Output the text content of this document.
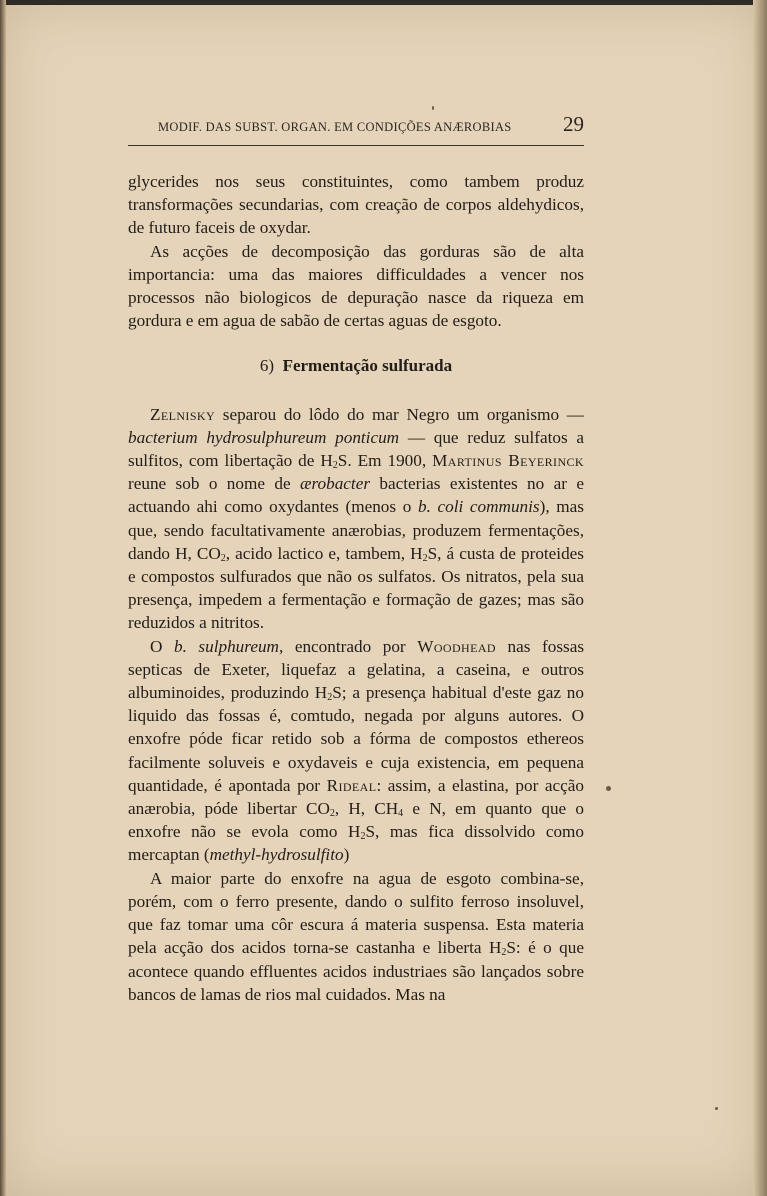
MODIF. DAS SUBST. ORGAN. EM CONDIÇÕES ANÆROBIAS 29

glycerides nos seus constituintes, como tambem produz transformações secundarias, com creação de corpos aldehydicos, de futuro faceis de oxydar.

As acções de decomposição das gorduras são de alta importancia: uma das maiores difficuldades a vencer nos processos não biologicos de depuração nasce da riqueza em gordura e em agua de sabão de certas aguas de esgoto.

6) Fermentação sulfurada

Zelnisky separou do lôdo do mar Negro um organismo — bacterium hydrosulphureum ponticum — que reduz sulfatos a sulfitos, com libertação de $H_2S$. Em 1900, Martinus Beyerinck reune sob o nome de ærobacter bacterias existentes no ar e actuando ahi como oxydantes (menos o b. coli communis), mas que, sendo facultativamente anærobias, produzem fermentações, dando H, $CO_2$, acido lactico e, tambem, $H_2S$, á custa de proteides e compostos sulfurados que não os sulfatos. Os nitratos, pela sua presença, impedem a fermentação e formação de gazes; mas são reduzidos a nitritos.

O b. sulphureum, encontrado por Woodhead nas fossas septicas de Exeter, liquefaz a gelatina, a caseina, e outros albuminoides, produzindo $H_2S$; a presença habitual d'este gaz no liquido das fossas é, comtudo, negada por alguns autores. O enxofre póde ficar retido sob a fórma de compostos ethereos facilmente soluveis e oxydaveis e cuja existencia, em pequena quantidade, é apontada por Rideal: assim, a elastina, por acção anærobia, póde libertar $CO_2$, H, $CH_4$ e N, em quanto que o enxofre não se evola como $H_2S$, mas fica dissolvido como mercaptan (methyl-hydrosulfito)

A maior parte do enxofre na agua de esgoto combina-se, porém, com o ferro presente, dando o sulfito ferroso insoluvel, que faz tomar uma côr escura á materia suspensa. Esta materia pela acção dos acidos torna-se castanha e liberta $H_2S$: é o que acontece quando effluentes acidos industriaes são lançados sobre bancos de lamas de rios mal cuidados. Mas na
